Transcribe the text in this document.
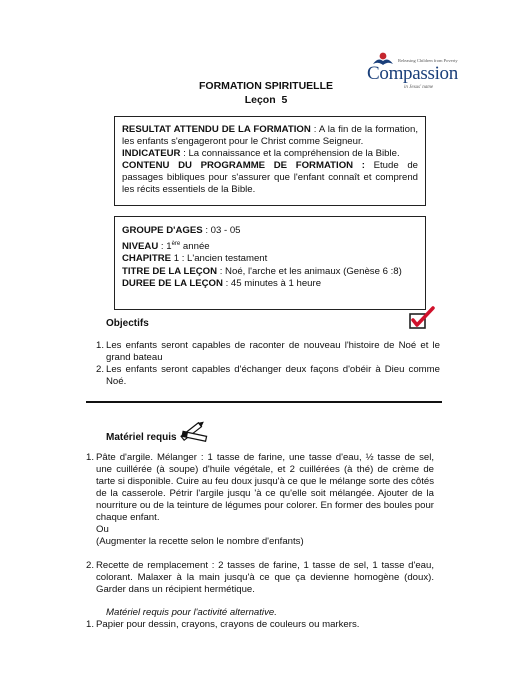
Releasing Children from Poverty
Compassion
in Jesus' name
FORMATION SPIRITUELLE
Leçon  5
RESULTAT ATTENDU DE LA FORMATION : A la fin de la formation, les enfants s'engageront pour le Christ comme Seigneur.
INDICATEUR : La connaissance et la compréhension de la Bible.
CONTENU DU PROGRAMME DE FORMATION : Etude de passages bibliques pour s'assurer que l'enfant connaît et comprend les récits essentiels de la Bible.
GROUPE D'AGES : 03 - 05
NIVEAU : 1ère année
CHAPITRE 1 : L'ancien testament
TITRE DE LA LEÇON : Noé, l'arche et les animaux (Genèse 6 :8)
DUREE DE LA LEÇON : 45 minutes à 1 heure
Objectifs
1. Les enfants seront capables de raconter de nouveau l'histoire de Noé et le grand bateau
2. Les enfants seront capables d'échanger deux façons d'obéir à Dieu comme Noé.
Matériel requis
1. Pâte d'argile. Mélanger : 1 tasse de farine, une tasse d'eau, ½ tasse de sel, une cuillérée (à soupe) d'huile végétale, et 2 cuillérées (à thé) de crème de tarte si disponible. Cuire au feu doux jusqu'à ce que le mélange sorte des côtés de la casserole. Pétrir l'argile jusqu 'à ce qu'elle soit mélangée. Ajouter de la nourriture ou de la teinture de légumes pour colorer. En former des boules pour chaque enfant.
Ou
(Augmenter la recette selon le nombre d'enfants)
2. Recette de remplacement : 2 tasses de farine, 1 tasse de sel, 1 tasse d'eau, colorant. Malaxer à la main jusqu'à ce que ça devienne homogène (doux). Garder dans un récipient hermétique.
Matériel requis pour l'activité alternative.
1. Papier pour dessin, crayons, crayons de couleurs ou markers.
